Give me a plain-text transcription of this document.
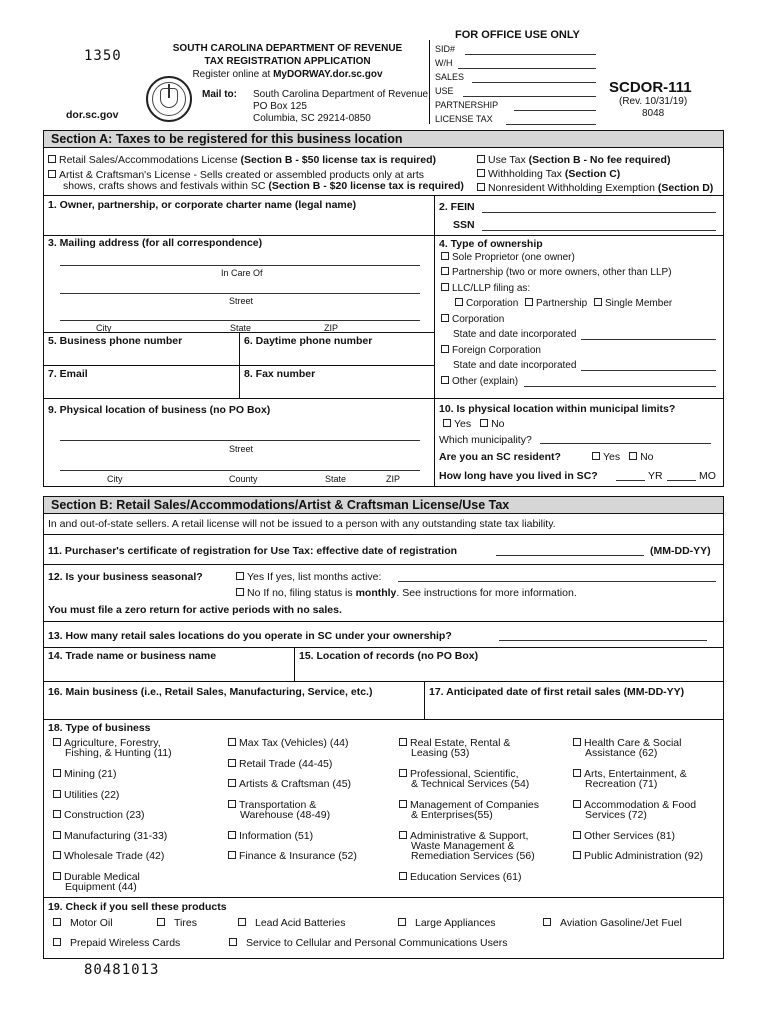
1350	SOUTH CAROLINA DEPARTMENT OF REVENUE
TAX REGISTRATION APPLICATION
Register online at MyDORWAY.dor.sc.gov
Mail to: South Carolina Department of Revenue
PO Box 125
Columbia, SC 29214-0850
dor.sc.gov
FOR OFFICE USE ONLY
SID#
W/H
SALES
USE
PARTNERSHIP
LICENSE TAX
SCDOR-111
(Rev. 10/31/19)
8048
Section A: Taxes to be registered for this business location
Retail Sales/Accommodations License (Section B - $50 license tax is required)
Artist & Craftsman's License - Sells created or assembled products only at arts
shows, crafts shows and festivals within SC (Section B - $20 license tax is required)
Use Tax (Section B - No fee required)
Withholding Tax (Section C)
Nonresident Withholding Exemption (Section D)
1. Owner, partnership, or corporate charter name (legal name)	2. FEIN
SSN
3. Mailing address (for all correspondence)
In Care Of
Street
City	State	ZIP
4. Type of ownership
Sole Proprietor (one owner)
Partnership (two or more owners, other than LLP)
LLC/LLP filing as:
Corporation Partnership Single Member
Corporation
State and date incorporated
Foreign Corporation
State and date incorporated
Other (explain)
5. Business phone number	6. Daytime phone number
7. Email	8. Fax number
9. Physical location of business (no PO Box)
Street
City	County	State	ZIP
10. Is physical location within municipal limits?
Yes No
Which municipality?
Are you an SC resident?	Yes No
How long have you lived in SC?	YR	MO
Section B: Retail Sales/Accommodations/Artist & Craftsman License/Use Tax
In and out-of-state sellers. A retail license will not be issued to a person with any outstanding state tax liability.
11. Purchaser's certificate of registration for Use Tax: effective date of registration	(MM-DD-YY)
12. Is your business seasonal?	Yes If yes, list months active:
No If no, filing status is monthly. See instructions for more information.
You must file a zero return for active periods with no sales.
13. How many retail sales locations do you operate in SC under your ownership?
14. Trade name or business name	15. Location of records (no PO Box)
16. Main business (i.e., Retail Sales, Manufacturing, Service, etc.)	17. Anticipated date of first retail sales (MM-DD-YY)
18. Type of business
Agriculture, Forestry,
Fishing, & Hunting (11)
Mining (21)
Utilities (22)
Construction (23)
Manufacturing (31-33)
Wholesale Trade (42)
Durable Medical
Equipment (44)
Max Tax (Vehicles) (44)
Retail Trade (44-45)
Artists & Craftsman (45)
Transportation &
Warehouse (48-49)
Information (51)
Finance & Insurance (52)
Real Estate, Rental &
Leasing (53)
Professional, Scientific,
& Technical Services (54)
Management of Companies
& Enterprises(55)
Administrative & Support,
Waste Management &
Remediation Services (56)
Education Services (61)
Health Care & Social
Assistance (62)
Arts, Entertainment, &
Recreation (71)
Accommodation & Food
Services (72)
Other Services (81)
Public Administration (92)
19. Check if you sell these products
Motor Oil	Tires	Lead Acid Batteries	Large Appliances	Aviation Gasoline/Jet Fuel
Prepaid Wireless Cards	Service to Cellular and Personal Communications Users
80481013
